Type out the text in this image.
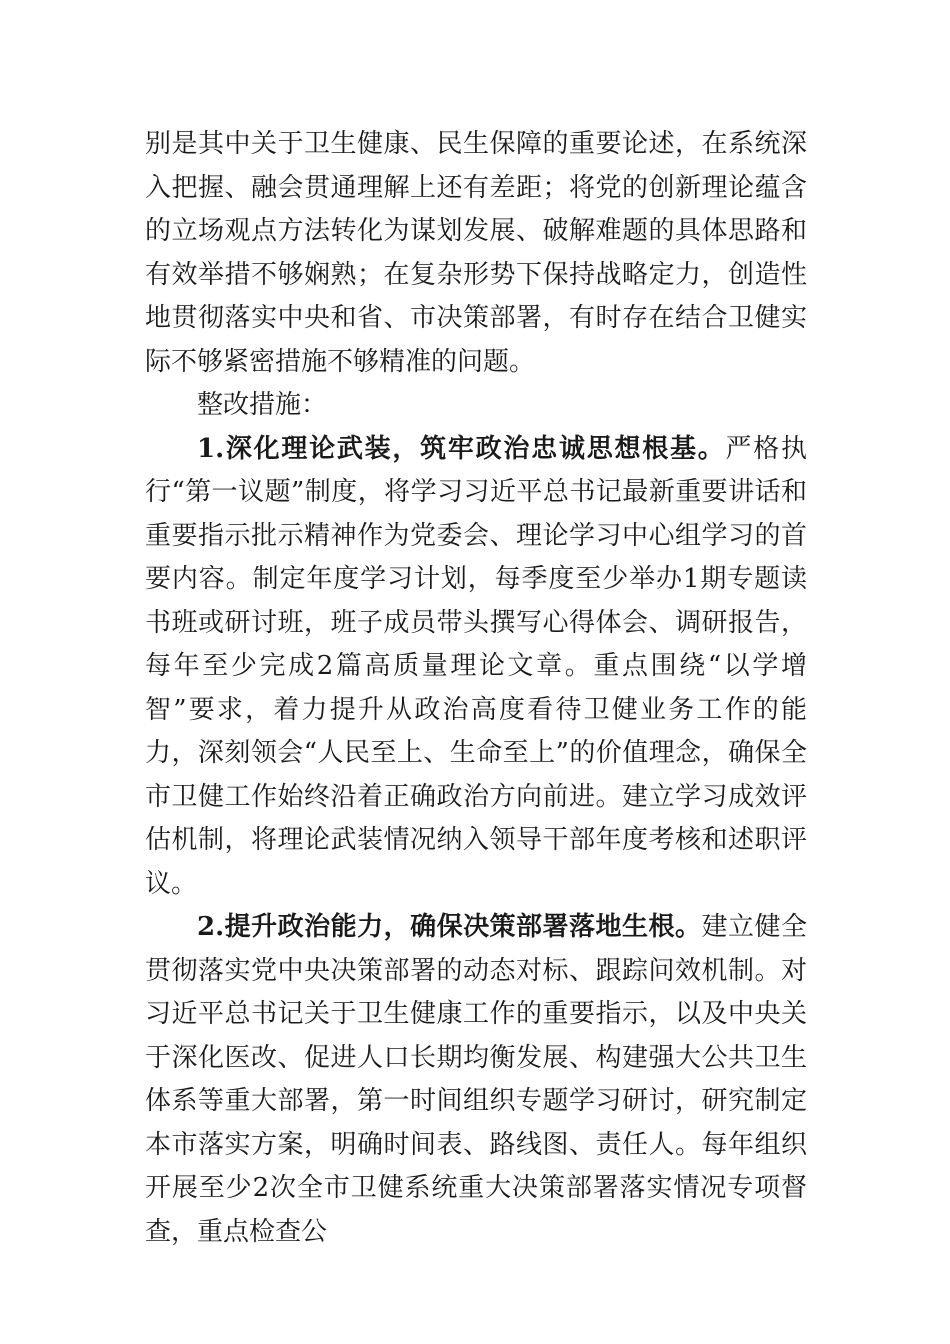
别是其中关于卫生健康、民生保障的重要论述，在系统深入把握、融会贯通理解上还有差距；将党的创新理论蕴含的立场观点方法转化为谋划发展、破解难题的具体思路和有效举措不够娴熟；在复杂形势下保持战略定力，创造性地贯彻落实中央和省、市决策部署，有时存在结合卫健实际不够紧密措施不够精准的问题。

整改措施：

1.深化理论武装，筑牢政治忠诚思想根基。严格执行“第一议题”制度，将学习习近平总书记最新重要讲话和重要指示批示精神作为党委会、理论学习中心组学习的首要内容。制定年度学习计划，每季度至少举办1期专题读书班或研讨班，班子成员带头撰写心得体会、调研报告，每年至少完成2篇高质量理论文章。重点围绕“以学增智”要求，着力提升从政治高度看待卫健业务工作的能力，深刻领会“人民至上、生命至上”的价值理念，确保全市卫健工作始终沿着正确政治方向前进。建立学习成效评估机制，将理论武装情况纳入领导干部年度考核和述职评议。

2.提升政治能力，确保决策部署落地生根。建立健全贯彻落实党中央决策部署的动态对标、跟踪问效机制。对习近平总书记关于卫生健康工作的重要指示，以及中央关于深化医改、促进人口长期均衡发展、构建强大公共卫生体系等重大部署，第一时间组织专题学习研讨，研究制定本市落实方案，明确时间表、路线图、责任人。每年组织开展至少2次全市卫健系统重大决策部署落实情况专项督查，重点检查公
